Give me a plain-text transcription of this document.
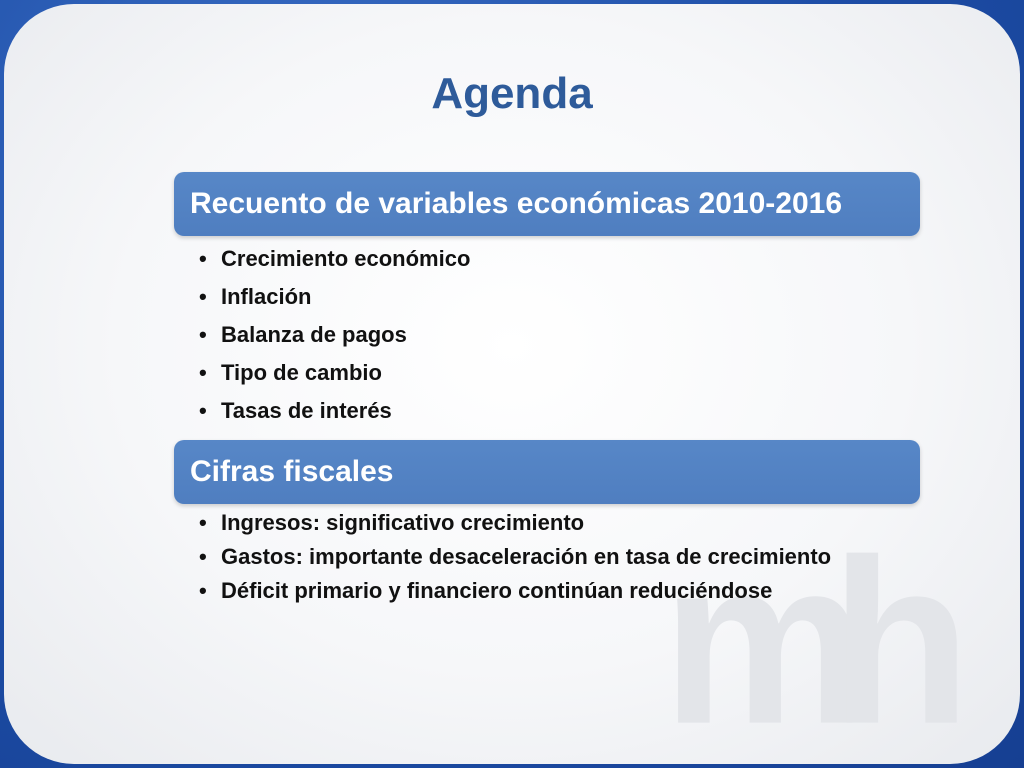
mh
Agenda
Recuento de variables económicas 2010-2016
• Crecimiento económico
• Inflación
• Balanza de pagos
• Tipo de cambio
• Tasas de interés
Cifras fiscales
• Ingresos: significativo crecimiento
• Gastos: importante desaceleración en tasa de crecimiento
• Déficit primario y financiero continúan reduciéndose
